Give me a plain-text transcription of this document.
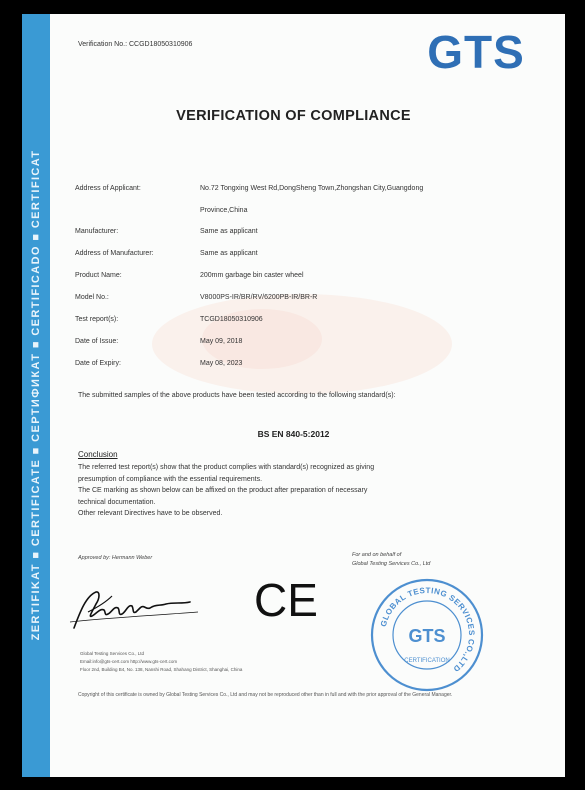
ZERTIFIKAT ■ CERTIFICATE ■ СЕРТИФИКАТ ■ CERTIFICADO ■ CERTIFICAT
Verification No.: CCGD18050310906	GTS
VERIFICATION OF COMPLIANCE
Address of Applicant:	No.72 Tongxing West Rd,DongSheng Town,Zhongshan City,Guangdong
Province,China
Manufacturer:	Same as applicant
Address of Manufacturer:	Same as applicant
Product Name:	200mm garbage bin caster wheel
Model No.:	V8000PS-IR/BR/RV/6200PB-IR/BR-R
Test report(s):	TCGD18050310906
Date of Issue:	May 09, 2018
Date of Expiry:	May 08, 2023
The submitted samples of the above products have been tested according to the following standard(s):
BS EN 840-5:2012
Conclusion
The referred test report(s) show that the product complies with standard(s) recognized as giving
presumption of compliance with the essential requirements.
The CE marking as shown below can be affixed on the product after preparation of necessary
technical documentation.
Other relevant Directives have to be observed.
Approved by: Hermann Weber
CE
For and on behalf of
Global Testing Services Co., Ltd
GLOBAL TESTING SERVICES CO.,LTD
GTS
CERTIFICATION
Global Testing Services Co., Ltd
Email:info@gts-cert.com http://www.gts-cert.com
Floor 2nd, Building B4, No. 138, Nanshi Road, Shahang District, Shanghai, China
Copyright of this certificate is owned by Global Testing Services Co., Ltd and may not be reproduced other than in full and with the prior approval of the General Manager.
